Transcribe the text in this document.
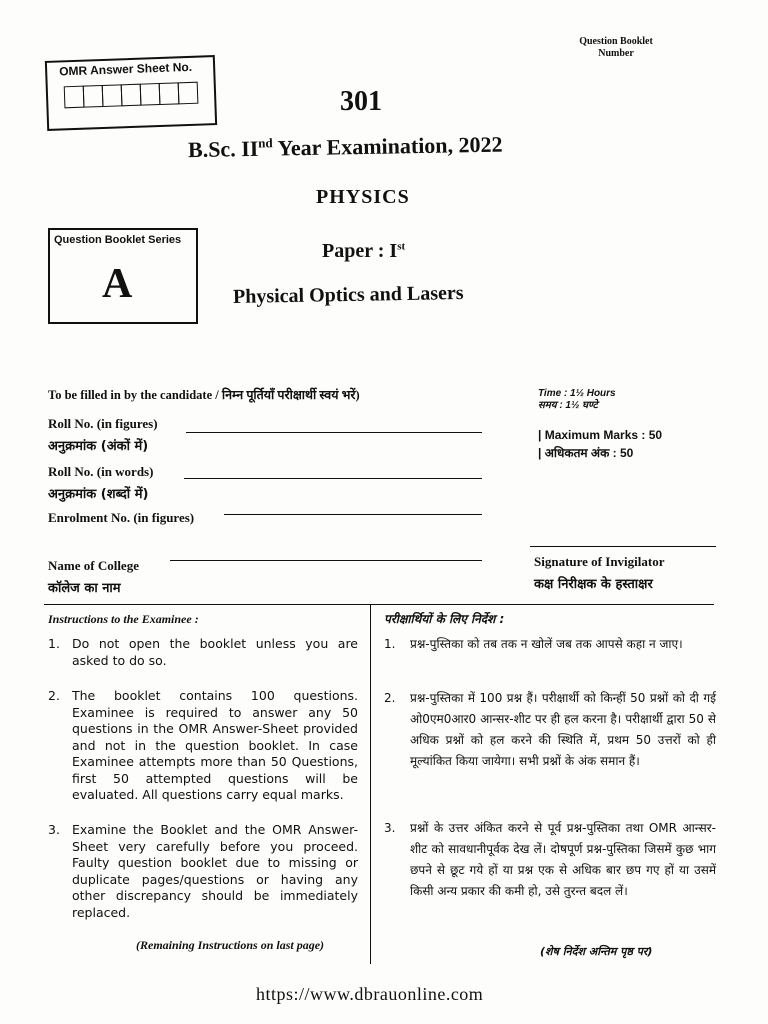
OMR Answer Sheet No.
Question Booklet Number
301
B.Sc. IInd Year Examination, 2022
PHYSICS
Question Booklet Series
A
Paper : Ist
Physical Optics and Lasers
To be filled in by the candidate / निम्न पूर्तियाँ परीक्षार्थी स्वयं भरें)
Roll No. (in figures)
अनुक्रमांक (अंकों में)
Roll No. (in words)
अनुक्रमांक (शब्दों में)
Enrolment No. (in figures)
Name of College
कॉलेज का नाम
Time : 1½ Hours
समय : 1½ घण्टे
| Maximum Marks : 50
| अधिकतम अंक : 50
Signature of Invigilator
कक्ष निरीक्षक के हस्ताक्षर
Instructions to the Examinee :
1. Do not open the booklet unless you are asked to do so.
2. The booklet contains 100 questions. Examinee is required to answer any 50 questions in the OMR Answer-Sheet provided and not in the question booklet. In case Examinee attempts more than 50 Questions, first 50 attempted questions will be evaluated. All questions carry equal marks.
3. Examine the Booklet and the OMR Answer-Sheet very carefully before you proceed. Faulty question booklet due to missing or duplicate pages/questions or having any other discrepancy should be immediately replaced.
(Remaining Instructions on last page)
परीक्षार्थियों के लिए निर्देश :
1.	प्रश्न-पुस्तिका को तब तक न खोलें जब तक आपसे कहा न जाए।
2.	प्रश्न-पुस्तिका में 100 प्रश्न हैं। परीक्षार्थी को किन्हीं 50 प्रश्नों को दी गई ओ0एम0आर0 आन्सर-शीट पर ही हल करना है। परीक्षार्थी द्वारा 50 से अधिक प्रश्नों को हल करने की स्थिति में, प्रथम 50 उत्तरों को ही मूल्यांकित किया जायेगा। सभी प्रश्नों के अंक समान हैं।
3.	प्रश्नों के उत्तर अंकित करने से पूर्व प्रश्न-पुस्तिका तथा OMR आन्सर-शीट को सावधानीपूर्वक देख लें। दोषपूर्ण प्रश्न-पुस्तिका जिसमें कुछ भाग छपने से छूट गये हों या प्रश्न एक से अधिक बार छप गए हों या उसमें किसी अन्य प्रकार की कमी हो, उसे तुरन्त बदल लें।
(शेष निर्देश अन्तिम पृष्ठ पर)
https://www.dbrauonline.com
